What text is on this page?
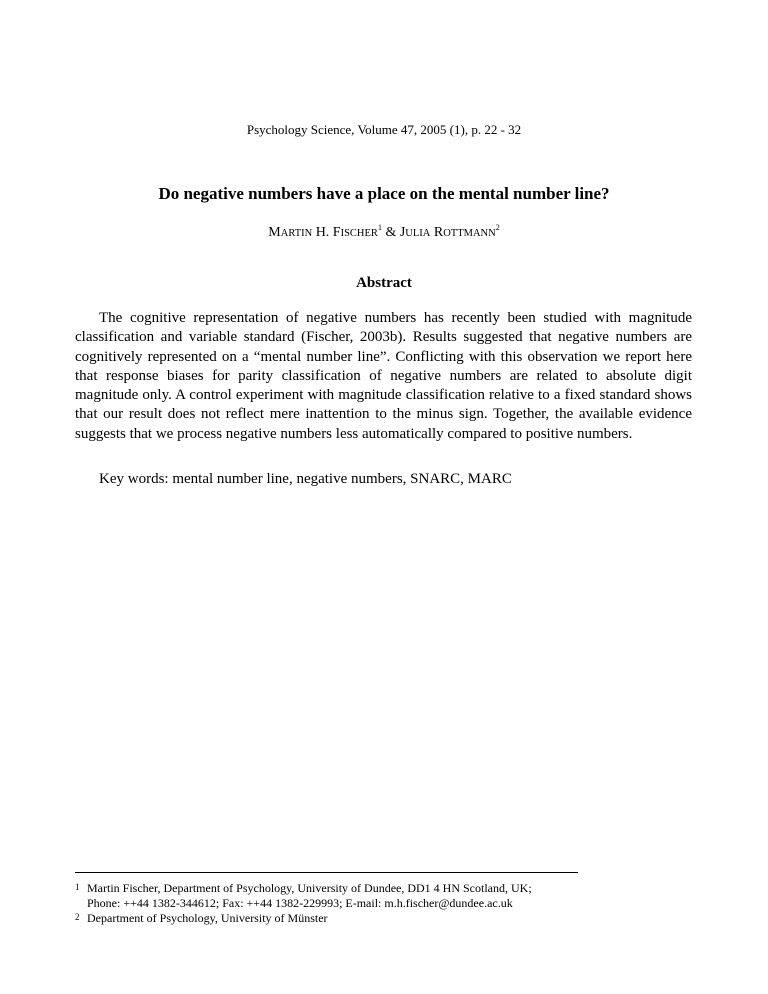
Psychology Science, Volume 47, 2005 (1), p. 22 - 32
Do negative numbers have a place on the mental number line?
MARTIN H. FISCHER$^1$ & JULIA ROTTMANN$^2$
Abstract

The cognitive representation of negative numbers has recently been studied with magnitude classification and variable standard (Fischer, 2003b). Results suggested that negative numbers are cognitively represented on a “mental number line”. Conflicting with this observation we report here that response biases for parity classification of negative numbers are related to absolute digit magnitude only. A control experiment with magnitude classification relative to a fixed standard shows that our result does not reflect mere inattention to the minus sign. Together, the available evidence suggests that we process negative numbers less automatically compared to positive numbers.

Key words: mental number line, negative numbers, SNARC, MARC
1 Martin Fischer, Department of Psychology, University of Dundee, DD1 4 HN Scotland, UK;
Phone: ++44 1382-344612; Fax: ++44 1382-229993; E-mail: m.h.fischer@dundee.ac.uk
2 Department of Psychology, University of Münster
